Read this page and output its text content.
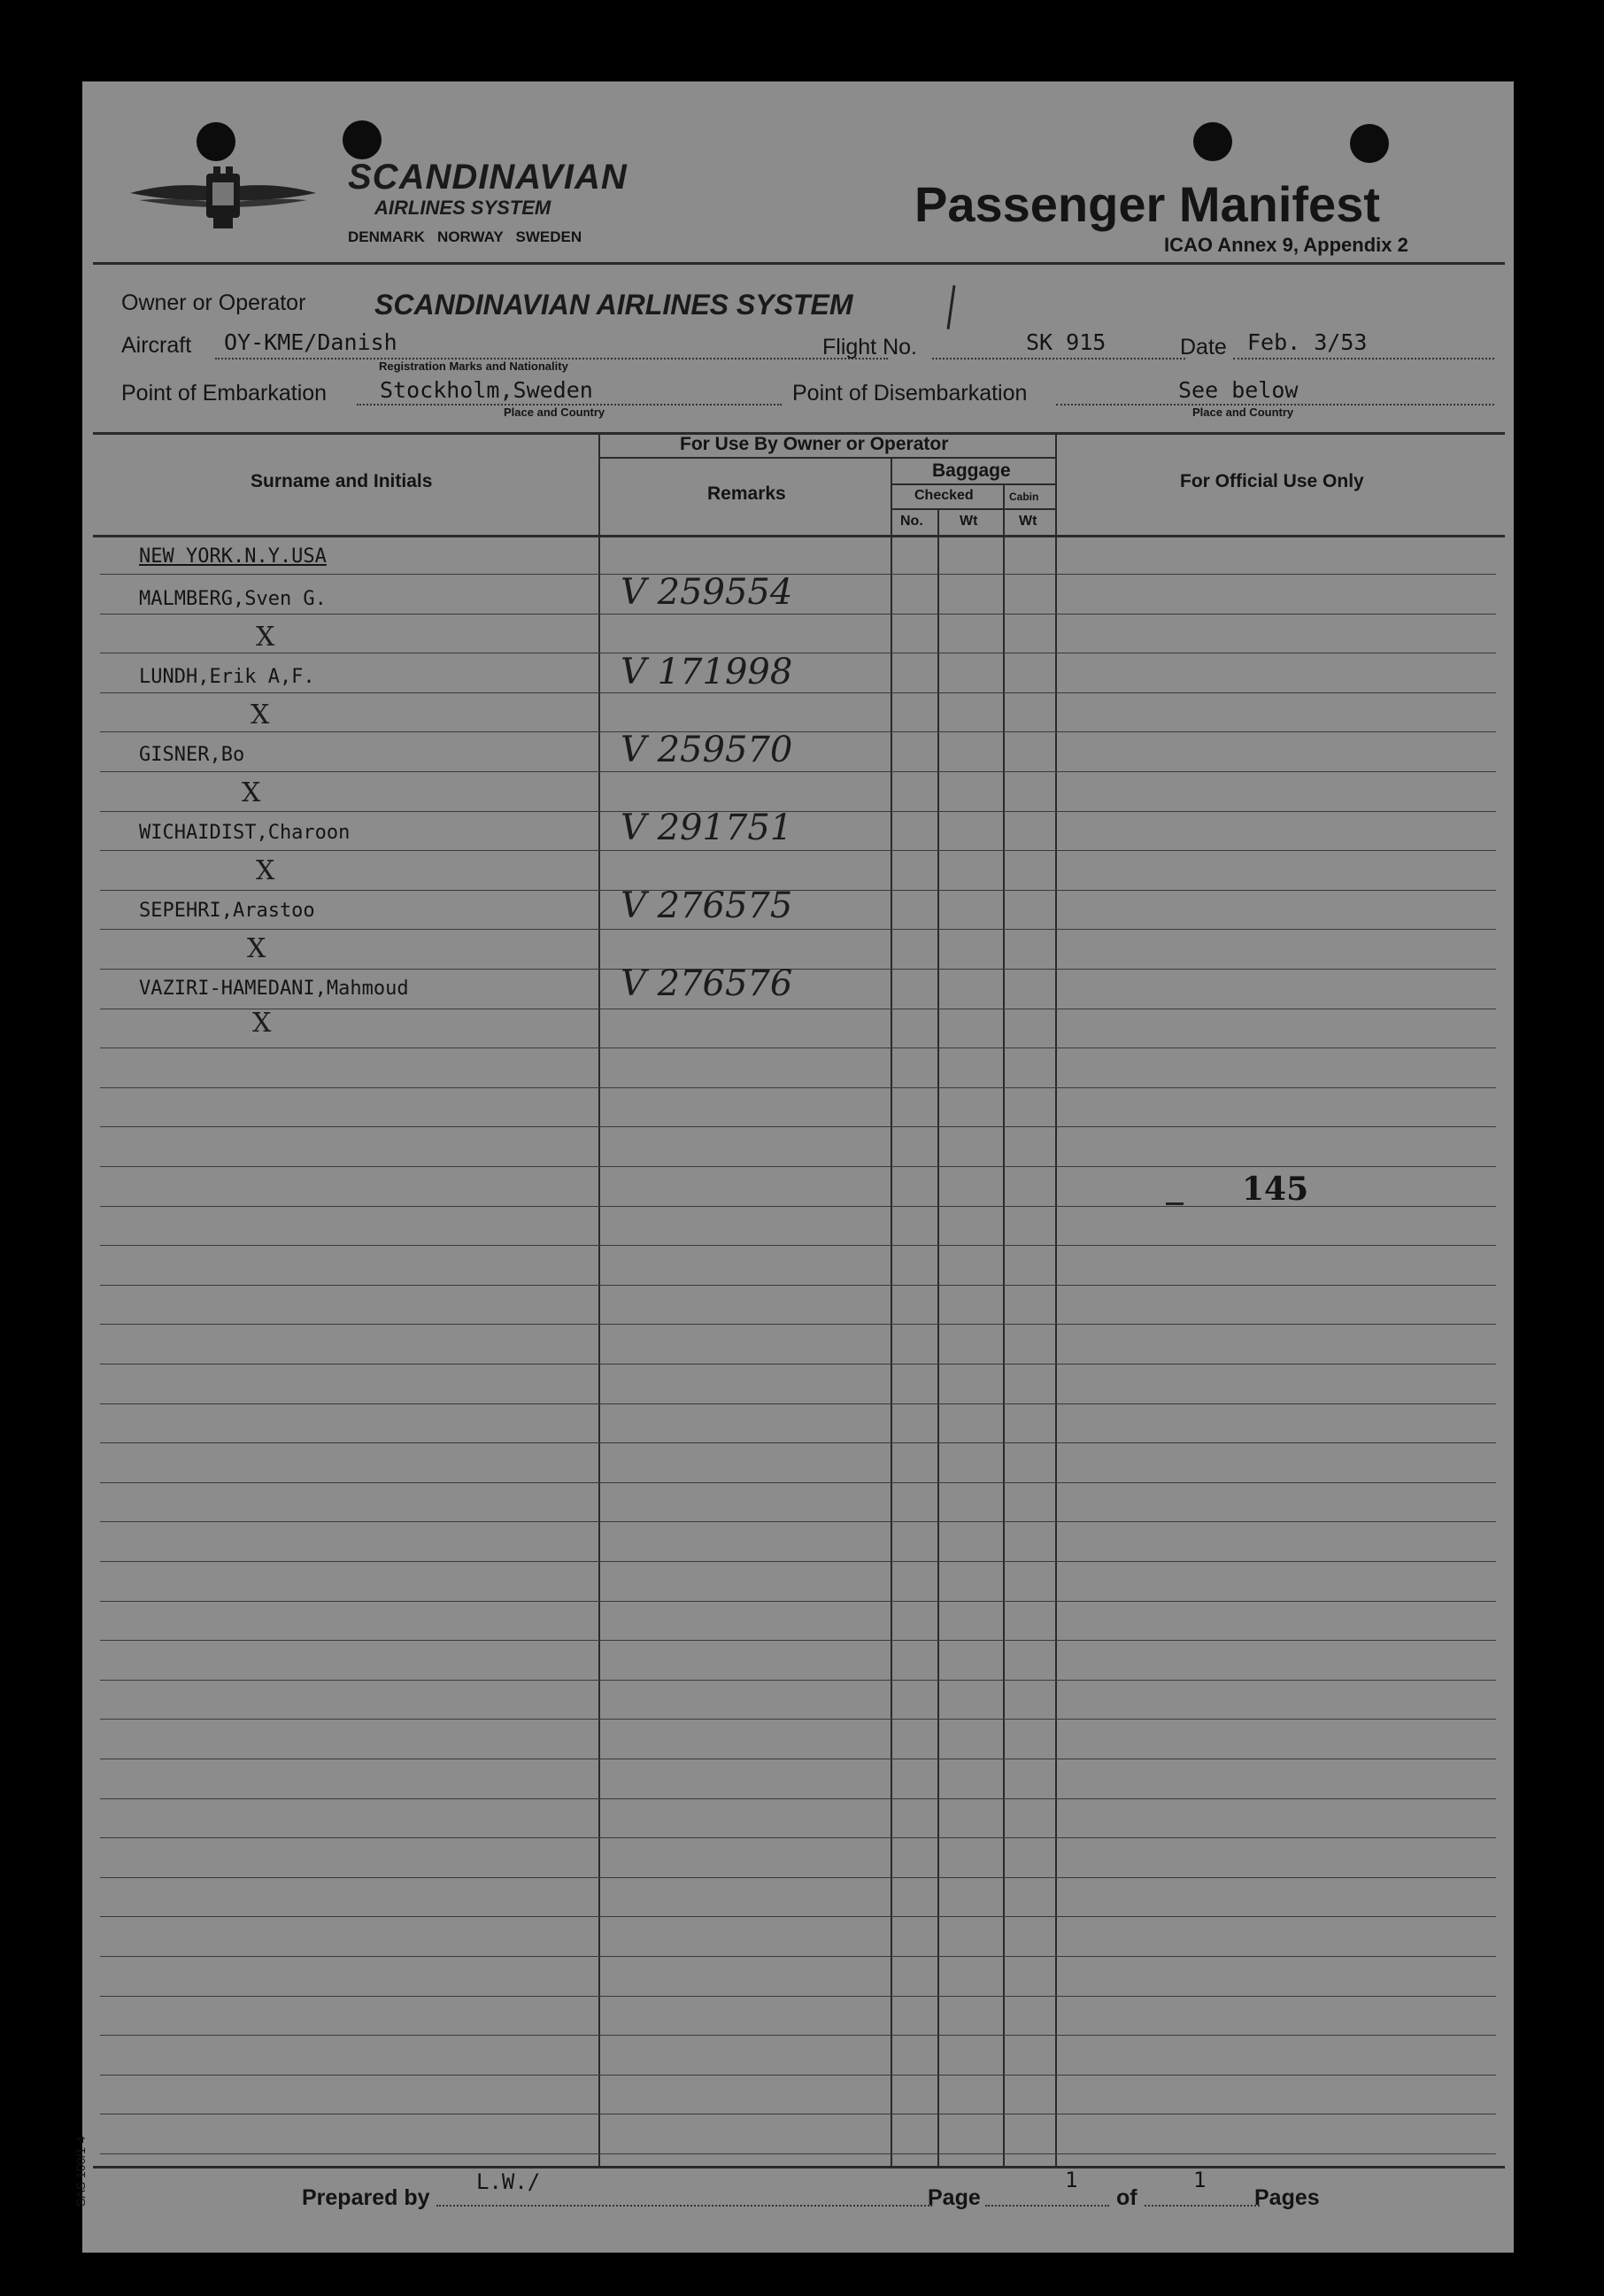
SCANDINAVIAN
AIRLINES SYSTEM
DENMARK   NORWAY   SWEDEN
Passenger Manifest
ICAO Annex 9, Appendix 2
Owner or Operator SCANDINAVIAN AIRLINES SYSTEM
Aircraft OY-KME/Danish
Registration Marks and Nationality
Flight No.	SK 915	Date Feb. 3/53
Point of Embarkation Stockholm,Sweden
Place and Country
Point of Disembarkation	See below
Place and Country
Surname and Initials
For Use By Owner or Operator
Remarks
Baggage
Checked	Cabin
No.	Wt	Wt
For Official Use Only
NEW YORK.N.Y.USA
MALMBERG,Sven G.	V 259554
X
LUNDH,Erik A,F.	V 171998
X
GISNER,Bo	V 259570
X
WICHAIDIST,Charoon	V 291751
X
SEPEHRI,Arastoo	V 276575
X
VAZIRI-HAMEDANI,Mahmoud	V 276576
X
145
SAS 100/1-4	Prepared by
L.W./
Page
1
of
1
Pages
